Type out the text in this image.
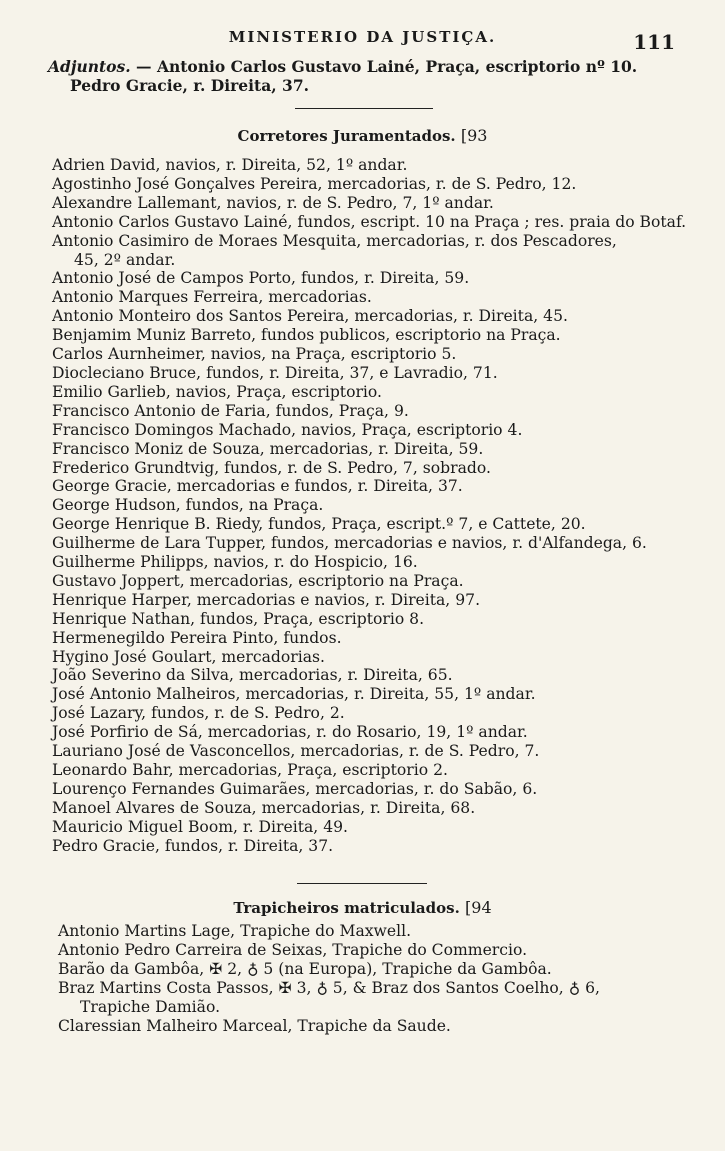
MINISTERIO DA JUSTIÇA.	111
Adjuntos. — Antonio Carlos Gustavo Lainé, Praça, escriptorio nº 10.
Pedro Gracie, r. Direita, 37.
Corretores Juramentados. [93
Adrien David, navios, r. Direita, 52, 1º andar.
Agostinho José Gonçalves Pereira, mercadorias, r. de S. Pedro, 12.
Alexandre Lallemant, navios, r. de S. Pedro, 7, 1º andar.
Antonio Carlos Gustavo Lainé, fundos, escript. 10 na Praça ; res. praia do Botaf.
Antonio Casimiro de Moraes Mesquita, mercadorias, r. dos Pescadores,
45, 2º andar.
Antonio José de Campos Porto, fundos, r. Direita, 59.
Antonio Marques Ferreira, mercadorias.
Antonio Monteiro dos Santos Pereira, mercadorias, r. Direita, 45.
Benjamim Muniz Barreto, fundos publicos, escriptorio na Praça.
Carlos Aurnheimer, navios, na Praça, escriptorio 5.
Diocleciano Bruce, fundos, r. Direita, 37, e Lavradio, 71.
Emilio Garlieb, navios, Praça, escriptorio.
Francisco Antonio de Faria, fundos, Praça, 9.
Francisco Domingos Machado, navios, Praça, escriptorio 4.
Francisco Moniz de Souza, mercadorias, r. Direita, 59.
Frederico Grundtvig, fundos, r. de S. Pedro, 7, sobrado.
George Gracie, mercadorias e fundos, r. Direita, 37.
George Hudson, fundos, na Praça.
George Henrique B. Riedy, fundos, Praça, escript.º 7, e Cattete, 20.
Guilherme de Lara Tupper, fundos, mercadorias e navios, r. d'Alfandega, 6.
Guilherme Philipps, navios, r. do Hospicio, 16.
Gustavo Joppert, mercadorias, escriptorio na Praça.
Henrique Harper, mercadorias e navios, r. Direita, 97.
Henrique Nathan, fundos, Praça, escriptorio 8.
Hermenegildo Pereira Pinto, fundos.
Hygino José Goulart, mercadorias.
João Severino da Silva, mercadorias, r. Direita, 65.
José Antonio Malheiros, mercadorias, r. Direita, 55, 1º andar.
José Lazary, fundos, r. de S. Pedro, 2.
José Porfirio de Sá, mercadorias, r. do Rosario, 19, 1º andar.
Lauriano José de Vasconcellos, mercadorias, r. de S. Pedro, 7.
Leonardo Bahr, mercadorias, Praça, escriptorio 2.
Lourenço Fernandes Guimarães, mercadorias, r. do Sabão, 6.
Manoel Alvares de Souza, mercadorias, r. Direita, 68.
Mauricio Miguel Boom, r. Direita, 49.
Pedro Gracie, fundos, r. Direita, 37.
Trapicheiros matriculados. [94
Antonio Martins Lage, Trapiche do Maxwell.
Antonio Pedro Carreira de Seixas, Trapiche do Commercio.
Barão da Gambôa, ✠ 2, ♁ 5 (na Europa), Trapiche da Gambôa.
Braz Martins Costa Passos, ✠ 3, ♁ 5, & Braz dos Santos Coelho, ♁ 6,
Trapiche Damião.
Claressian Malheiro Marceal, Trapiche da Saude.
